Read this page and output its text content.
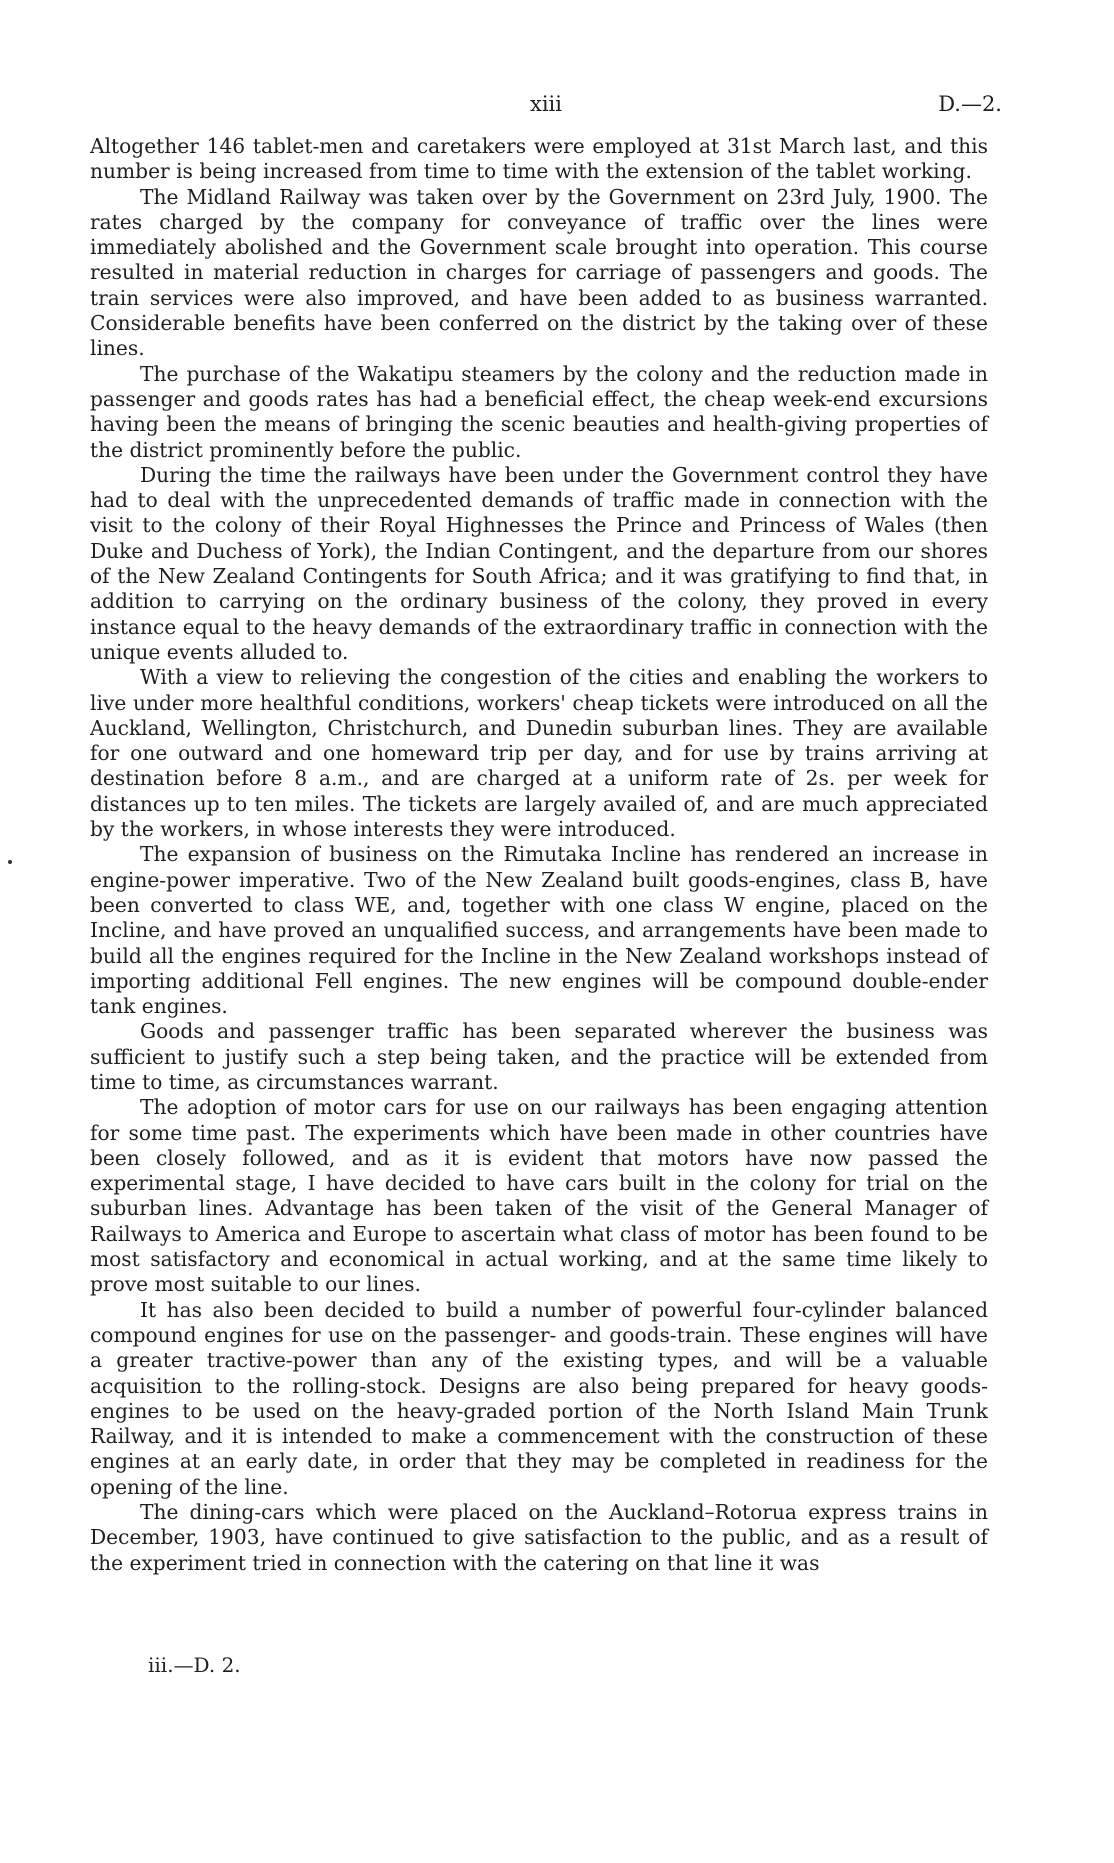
xiii	D.—2.

Altogether 146 tablet-men and caretakers were employed at 31st March last, and this number is being increased from time to time with the extension of the tablet working.

The Midland Railway was taken over by the Government on 23rd July, 1900. The rates charged by the company for conveyance of traffic over the lines were immediately abolished and the Government scale brought into operation. This course resulted in material reduction in charges for carriage of passengers and goods. The train services were also improved, and have been added to as business warranted. Considerable benefits have been conferred on the district by the taking over of these lines.

The purchase of the Wakatipu steamers by the colony and the reduction made in passenger and goods rates has had a beneficial effect, the cheap week-end excursions having been the means of bringing the scenic beauties and health-giving properties of the district prominently before the public.

During the time the railways have been under the Government control they have had to deal with the unprecedented demands of traffic made in connection with the visit to the colony of their Royal Highnesses the Prince and Princess of Wales (then Duke and Duchess of York), the Indian Contingent, and the departure from our shores of the New Zealand Contingents for South Africa; and it was gratifying to find that, in addition to carrying on the ordinary business of the colony, they proved in every instance equal to the heavy demands of the extraordinary traffic in connection with the unique events alluded to.

With a view to relieving the congestion of the cities and enabling the workers to live under more healthful conditions, workers' cheap tickets were introduced on all the Auckland, Wellington, Christchurch, and Dunedin suburban lines. They are available for one outward and one homeward trip per day, and for use by trains arriving at destination before 8 a.m., and are charged at a uniform rate of 2s. per week for distances up to ten miles. The tickets are largely availed of, and are much appreciated by the workers, in whose interests they were introduced.

The expansion of business on the Rimutaka Incline has rendered an increase in engine-power imperative. Two of the New Zealand built goods-engines, class B, have been converted to class WE, and, together with one class W engine, placed on the Incline, and have proved an unqualified success, and arrangements have been made to build all the engines required for the Incline in the New Zealand workshops instead of importing additional Fell engines. The new engines will be compound double-ender tank engines.

Goods and passenger traffic has been separated wherever the business was sufficient to justify such a step being taken, and the practice will be extended from time to time, as circumstances warrant.

The adoption of motor cars for use on our railways has been engaging attention for some time past. The experiments which have been made in other countries have been closely followed, and as it is evident that motors have now passed the experimental stage, I have decided to have cars built in the colony for trial on the suburban lines. Advantage has been taken of the visit of the General Manager of Railways to America and Europe to ascertain what class of motor has been found to be most satisfactory and economical in actual working, and at the same time likely to prove most suitable to our lines.

It has also been decided to build a number of powerful four-cylinder balanced compound engines for use on the passenger- and goods-train. These engines will have a greater tractive-power than any of the existing types, and will be a valuable acquisition to the rolling-stock. Designs are also being prepared for heavy goods-engines to be used on the heavy-graded portion of the North Island Main Trunk Railway, and it is intended to make a commencement with the construction of these engines at an early date, in order that they may be completed in readiness for the opening of the line.

The dining-cars which were placed on the Auckland–Rotorua express trains in December, 1903, have continued to give satisfaction to the public, and as a result of the experiment tried in connection with the catering on that line it was

iii.—D. 2.
